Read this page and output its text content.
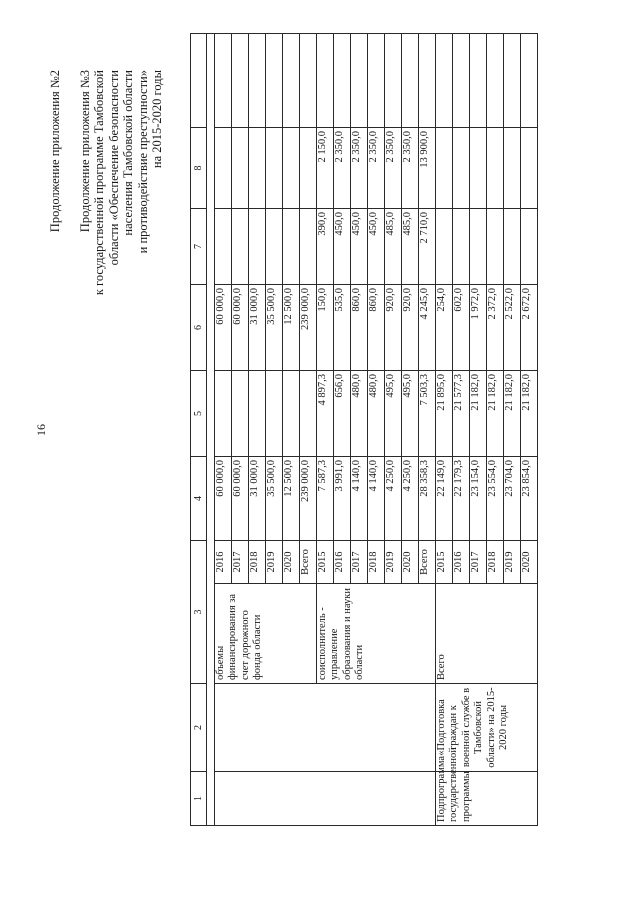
16
Продолжение приложения №2 Продолжение приложения №3 к государственной программе Тамбовской области «Обеспечение безопасности населения Тамбовской области и противодействие преступности» на 2015-2020 годы
1	2	3		4	5	6	7	8	

		объемы финансирования за счет дорожного фонда области	2016	60 000,0		60 000,0			
			2017	60 000,0		60 000,0			
			2018	31 000,0		31 000,0			
			2019	35 500,0		35 500,0			
			2020	12 500,0		12 500,0			
			Всего	239 000,0		239 000,0			
		соисполнитель - управление образования и науки области	2015	7 587,3	4 897,3	150,0	390,0	2 150,0	
			2016	3 991,0	656,0	535,0	450,0	2 350,0	
			2017	4 140,0	480,0	860,0	450,0	2 350,0	
			2018	4 140,0	480,0	860,0	450,0	2 350,0	
			2019	4 250,0	495,0	920,0	485,0	2 350,0	
			2020	4 250,0	495,0	920,0	485,0	2 350,0	
			Всего	28 358,3	7 503,3	4 245,0	2 710,0	13 900,0	
Подпрограмма государственной программы	«Подготовка граждан к военной службе в Тамбовской области» на 2015-2020 годы	Всего	2015	22 149,0	21 895,0	254,0			
			2016	22 179,3	21 577,3	602,0			
			2017	23 154,0	21 182,0	1 972,0			
			2018	23 554,0	21 182,0	2 372,0			
			2019	23 704,0	21 182,0	2 522,0			
			2020	23 854,0	21 182,0	2 672,0			
